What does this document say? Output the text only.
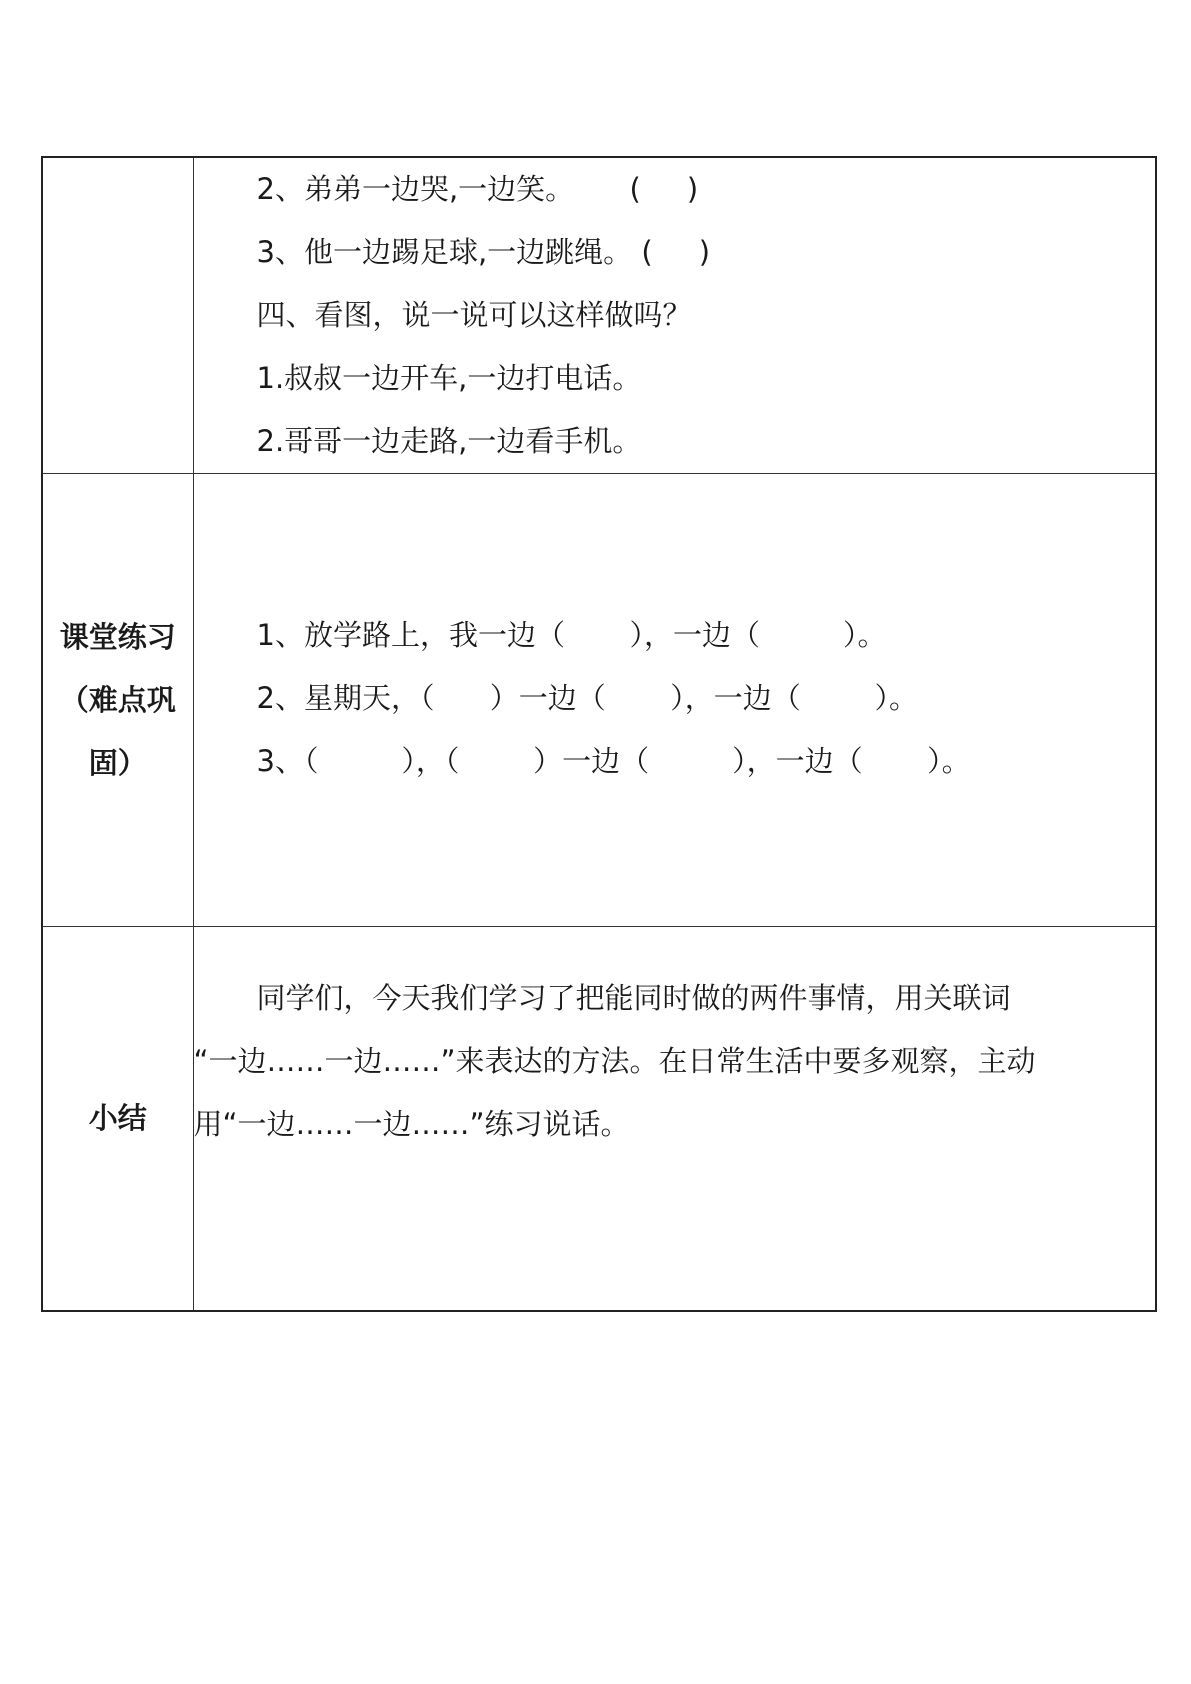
	2、弟弟一边哭,一边笑。      (     )
3、他一边踢足球,一边跳绳。 (     )
四、看图，说一说可以这样做吗？
1.叔叔一边开车,一边打电话。
2.哥哥一边走路,一边看手机。

课堂练习（难点巩固）	1、放学路上，我一边（       ），一边（         ）。
2、星期天，（      ）一边（       ），一边（        ）。
3、（         ），（        ）一边（         ），一边（       ）。

小结	同学们，今天我们学习了把能同时做的两件事情，用关联词
“一边……一边……”来表达的方法。在日常生活中要多观察，主动
用“一边……一边……”练习说话。
